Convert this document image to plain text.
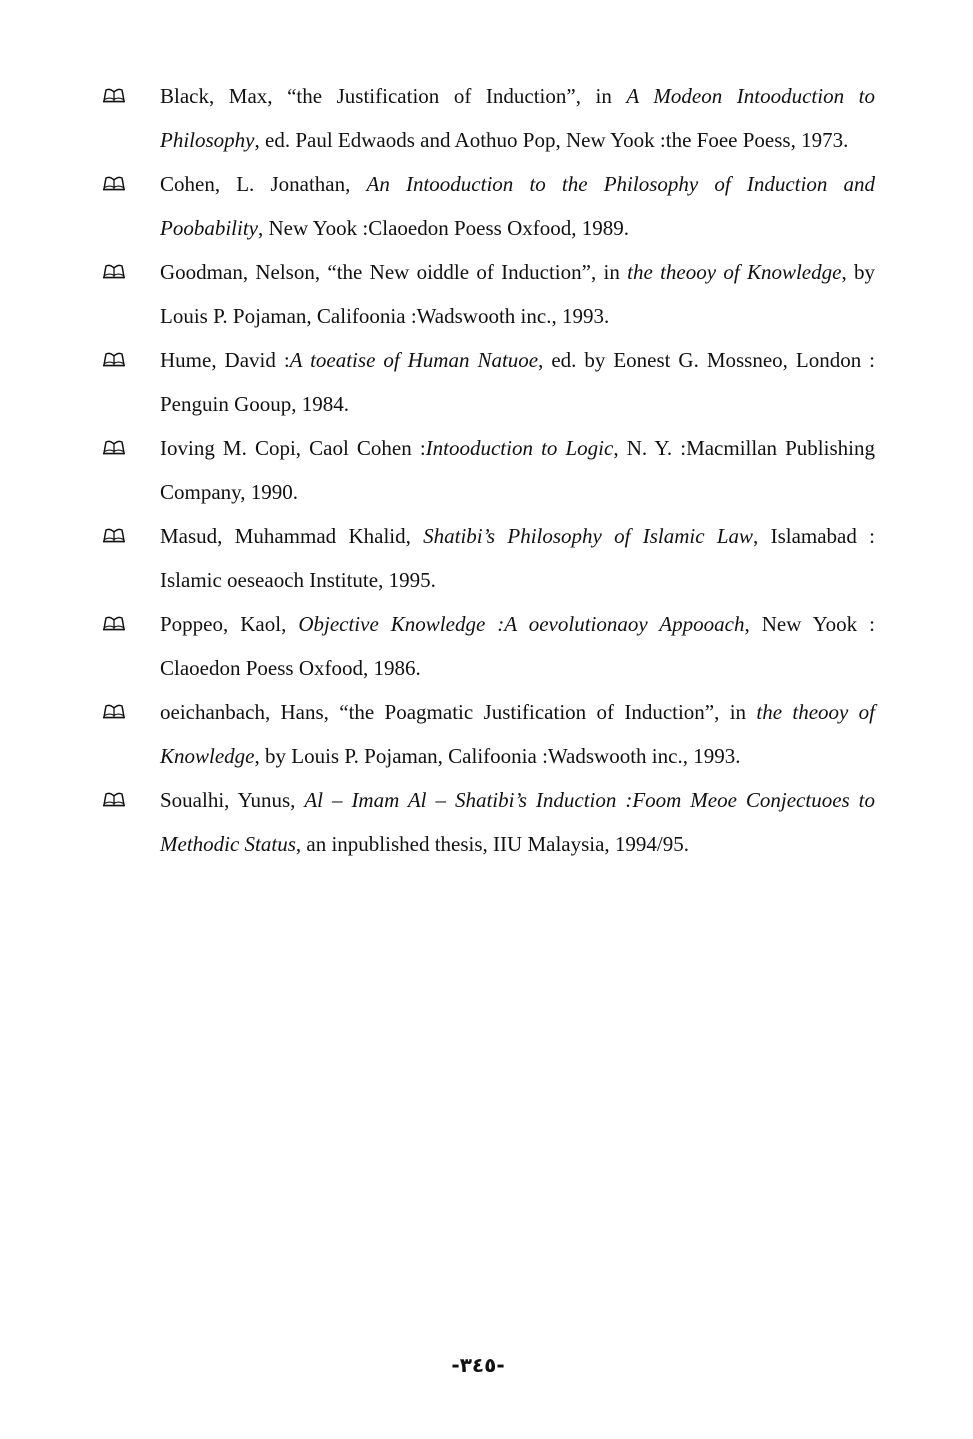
Black, Max, “the Justification of Induction”, in A Modeon Intooduction to
Philosophy, ed. Paul Edwaods and Aothuo Pop, New Yook :the Foee Poess, 1973.
Cohen, L. Jonathan, An Intooduction to the Philosophy of Induction and
Poobability, New Yook :Claoedon Poess Oxfood, 1989.
Goodman, Nelson, “the New oiddle of Induction”, in the theooy of Knowledge, by
Louis P. Pojaman, Califoonia :Wadswooth inc., 1993.
Hume, David :A toeatise of Human Natuoe, ed. by Eonest G. Mossneo, London :
Penguin Gooup, 1984.
Ioving M. Copi, Caol Cohen :Intooduction to Logic, N. Y. :Macmillan Publishing
Company, 1990.
Masud, Muhammad Khalid, Shatibi’s Philosophy of Islamic Law, Islamabad :
Islamic oeseaoch Institute, 1995.
Poppeo, Kaol, Objective Knowledge :A oevolutionaoy Appooach, New Yook :
Claoedon Poess Oxfood, 1986.
oeichanbach, Hans, “the Poagmatic Justification of Induction”, in the theooy of
Knowledge, by Louis P. Pojaman, Califoonia :Wadswooth inc., 1993.
Soualhi, Yunus, Al – Imam Al – Shatibi’s Induction :Foom Meoe Conjectuoes to
Methodic Status, an inpublished thesis, IIU Malaysia, 1994/95.
-٣٤٥-
